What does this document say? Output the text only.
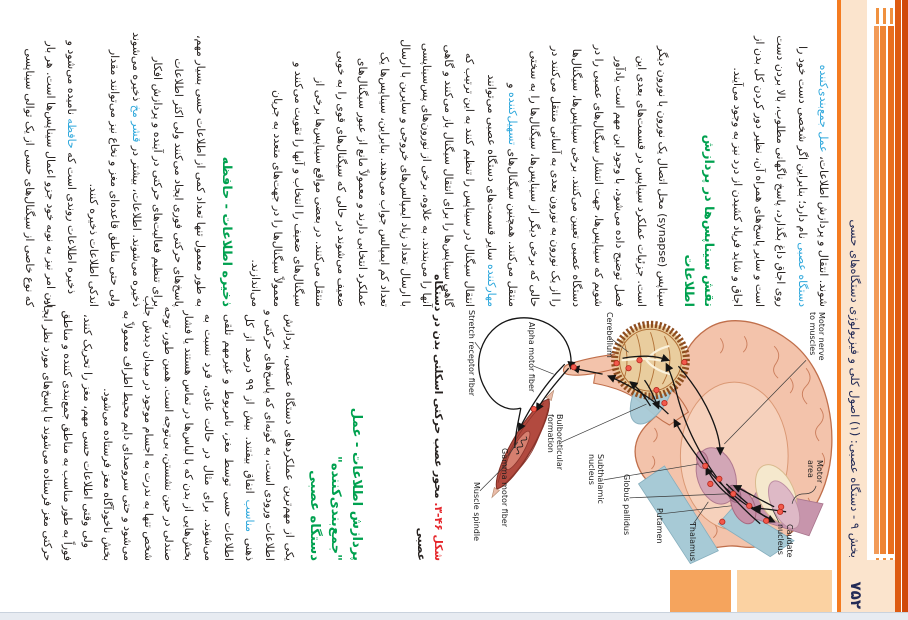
بخش ۹ - دستگاه عصبی: (۱) اصول کلی و فیزیولوژی دستگاه‌های حسی
۷۵۲
Motor nerve
to muscles
Motor
area
Caudate
nucleus
Thalamus
Putamen
Globus pallidus
Subthalamic
nucleus
Cerebellum
Bulboreticular
formation
Alpha motor fiber
Gamma motor fiber
Muscle spindle
Stretch receptor fiber
شکل ۴۶-۳. محور عصب حرکتی اسکلتی بدن در دستگاه
عصبی
پردازش اطلاعات - عمل "جمع‌بندی‌کننده"
دستگاه عصبی
یکی از مهم‌ترین عملکردهای دستگاه عصبی، پردازش
اطلاعات ورودی است، به گونه‌ای که پاسخ‌های حرکتی و
ذهنی مناسب اتفاق بیفتند. بیش از ۹۹ درصد از کل
اطلاعات حسی توسط مغز، نامربوط و غیرمهم تلقی
می‌شوند. برای مثال در حالت عادی، فرد نسبت به
بخش‌هایی از بدن که با لباس‌ها در تماس هستند یا فشار
صندلی در حین نشستن، بی‌توجه است. همین طور، توجه
شخص تنها به ندرت به اجسام موجود در میدان دیدش جلب
می‌شود و حتی سروصدای دایم محیط اطراف معمولاً به
بخش ناخودآگاه مغز فرستاده می‌شود.
ولی وقتی اطلاعات حسی مهم، مغز را تحریک کنند،
فوراً به طور مناسب به مناطق جمع‌بندی کننده و مناطق
حرکتی مغز فرستاده می‌شوند تا پاسخ‌های مورد نظر ایجاد
شوند. انتقال و پردازش اطلاعات، عمل جمع‌بندی‌کننده
دستگاه عصبی نام دارد؛ بنابراین اگر شخصی دست خود را
روی اجاق داغ بگذارد، پاسخ ناگهانی مطلوب، بالا بردن دست
است و سایر پاسخ‌های همراه آن، نظیر دور کردن کل بدن از
اجاق و شاید فریاد کشیدن از درد نیز به وجود می‌آیند.
نقش سیناپس‌ها در پردازش اطلاعات
سیناپس (synapse) محل اتصال یک نورون با نورون دیگر
است. جزئیات عملکرد سیناپس در قسمت‌های بعدی این
فصل توضیح داده می‌شود، با وجود این مهم است یادآور
شویم که سیناپس‌ها، جهت انتشار سیگنال‌های عصبی را در
دستگاه عصبی تعیین می‌کنند. برخی سیناپس‌ها، سیگنال‌ها
را از یک نورون به نورون بعدی به آسانی منتقل می‌کنند در
حالی که برخی دیگر از سیناپس‌ها، سیگنال‌ها را به سختی
منتقل می‌کنند. همچنین سیگنال‌های تسهیل‌کننده و
مهارکننده سایر قسمت‌های دستگاه عصبی می‌توانند
انتقال سیگنال در سیناپس را تنظیم کنند به این ترتیب که
گاهی سیناپس‌ها را برای انتقال سیگنال باز می‌کنند و گاهی
آنها را می‌بندند. به علاوه، برخی از نورون‌های پس‌سیناپسی
با ارسال تعداد زیاد ایمپالس‌های خروجی و سایرین با ارسال
تعداد کم ایمپالس جواب می‌دهند. بنابراین، سیناپس‌ها یک
عملکرد انتخابی دارند و معمولاً مانع از عبور سیگنال‌های
ضعیف می‌شوند در حالی که سیگنال‌های قوی را به خوبی
منتقل می‌کنند. در بعضی مواقع سیناپس‌ها برخی از
سیگنال‌های ضعیف را انتخاب و آنها را تقویت می‌کنند و
معمولاً سیگنال‌ها را در جهت‌های متعدد به جریان
می‌اندازند.
ذخیره اطلاعات - حافظه
به طور معمول تنها تعداد کمی از اطلاعات حسی بسیار مهم،
پاسخ‌های حرکتی فوری ایجاد می‌کنند ولی اکثر اطلاعات
برای تنظیم فعالیت‌های حرکتی در آینده و پردازش افکار
ذخیره می‌شوند. اطلاعات، بیشتر در قشر مخ ذخیره می‌شوند
ولی حتی مناطق قاعده‌ای مغز و نخاع نیز می‌توانند مقدار
اندکی اطلاعات ذخیره کنند.
ذخیره اطلاعات روندی است که حافظه نامیده می‌شود و
این امر نیز به نوبه خود جزو اعمال سیناپس‌ها است. هر بار
که نوع خاصی از سیگنال‌های حسی از یک توالی سیناپسی
